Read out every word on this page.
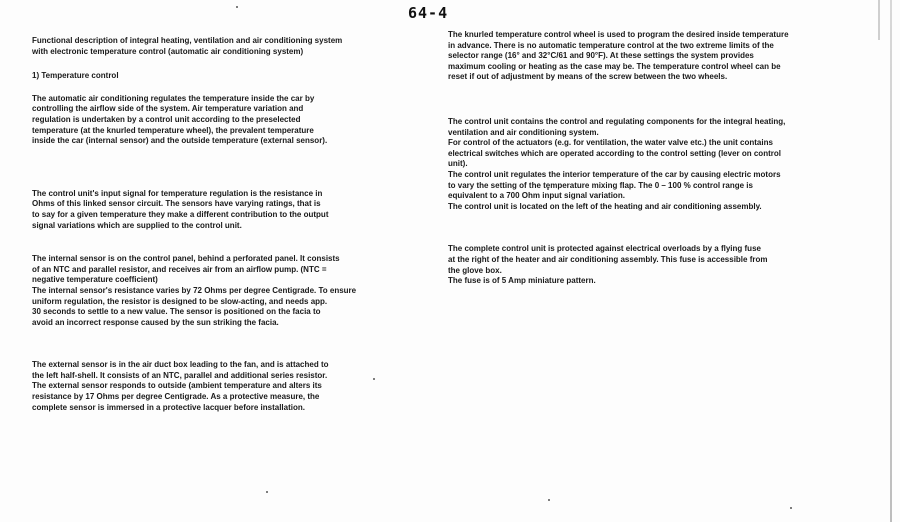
64-4

Functional description of integral heating, ventilation and air conditioning system
with electronic temperature control (automatic air conditioning system)

1) Temperature control

The automatic air conditioning regulates the temperature inside the car by
controlling the airflow side of the system. Air temperature variation and
regulation is undertaken by a control unit according to the preselected
temperature (at the knurled temperature wheel), the prevalent temperature
inside the car (internal sensor) and the outside temperature (external sensor).

The control unit's input signal for temperature regulation is the resistance in
Ohms of this linked sensor circuit. The sensors have varying ratings, that is
to say for a given temperature they make a different contribution to the output
signal variations which are supplied to the control unit.

The internal sensor is on the control panel, behind a perforated panel. It consists
of an NTC and parallel resistor, and receives air from an airflow pump. (NTC =
negative temperature coefficient)
The internal sensor's resistance varies by 72 Ohms per degree Centigrade. To ensure
uniform regulation, the resistor is designed to be slow-acting, and needs app.
30 seconds to settle to a new value. The sensor is positioned on the facia to
avoid an incorrect response caused by the sun striking the facia.

The external sensor is in the air duct box leading to the fan, and is attached to
the left half-shell. It consists of an NTC, parallel and additional series resistor.
The external sensor responds to outside (ambient temperature and alters its
resistance by 17 Ohms per degree Centigrade. As a protective measure, the
complete sensor is immersed in a protective lacquer before installation.

The knurled temperature control wheel is used to program the desired inside temperature
in advance. There is no automatic temperature control at the two extreme limits of the
selector range (16° and 32°C/61 and 90°F). At these settings the system provides
maximum cooling or heating as the case may be. The temperature control wheel can be
reset if out of adjustment by means of the screw between the two wheels.

The control unit contains the control and regulating components for the integral heating,
ventilation and air conditioning system.
For control of the actuators (e.g. for ventilation, the water valve etc.) the unit contains
electrical switches which are operated according to the control setting (lever on control
unit).
The control unit regulates the interior temperature of the car by causing electric motors
to vary the setting of the temperature mixing flap. The 0 – 100 % control range is
equivalent to a 700 Ohm input signal variation.
The control unit is located on the left of the heating and air conditioning assembly.

The complete control unit is protected against electrical overloads by a flying fuse
at the right of the heater and air conditioning assembly. This fuse is accessible from
the glove box.
The fuse is of 5 Amp miniature pattern.
